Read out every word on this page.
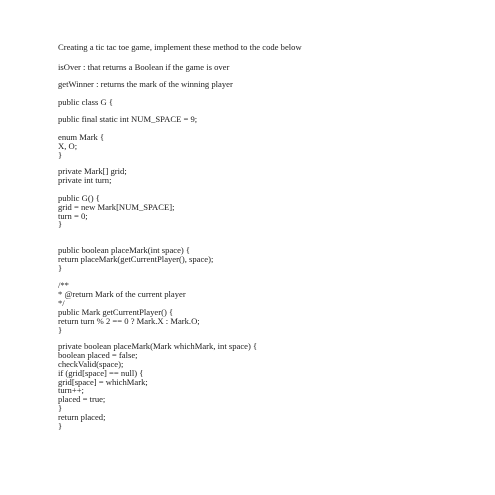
Creating a tic tac toe game, implement these method to the code below
isOver : that returns a Boolean if the game is over
getWinner : returns the mark of the winning player
public class G {
public final static int NUM_SPACE = 9;
enum Mark {
X, O;
}
private Mark[] grid;
private int turn;
public G() {
grid = new Mark[NUM_SPACE];
turn = 0;
}
public boolean placeMark(int space) {
return placeMark(getCurrentPlayer(), space);
}
/**
* @return Mark of the current player
*/
public Mark getCurrentPlayer() {
return turn % 2 == 0 ? Mark.X : Mark.O;
}
private boolean placeMark(Mark whichMark, int space) {
boolean placed = false;
checkValid(space);
if (grid[space] == null) {
grid[space] = whichMark;
turn++;
placed = true;
}
return placed;
}
